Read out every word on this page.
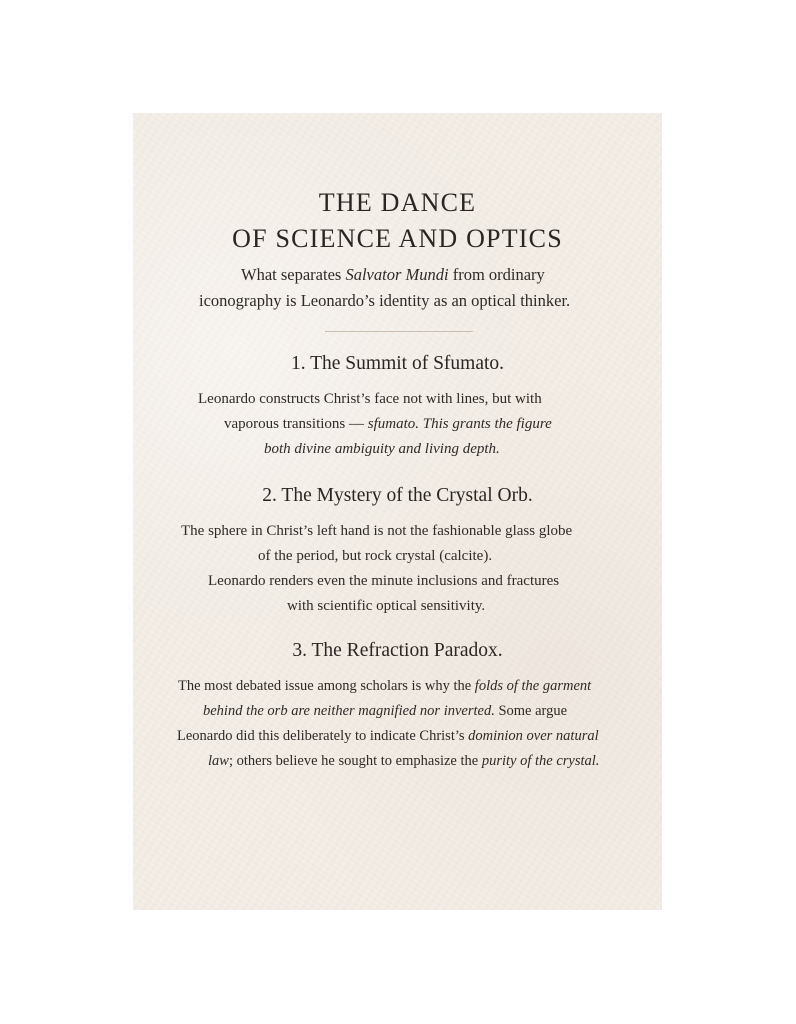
THE DANCE
OF SCIENCE AND OPTICS
What separates Salvator Mundi from ordinary
iconography is Leonardo’s identity as an optical thinker.
1. The Summit of Sfumato.
Leonardo constructs Christ’s face not with lines, but with
vaporous transitions — sfumato. This grants the figure
both divine ambiguity and living depth.
2. The Mystery of the Crystal Orb.
The sphere in Christ’s left hand is not the fashionable glass globe
of the period, but rock crystal (calcite).
Leonardo renders even the minute inclusions and fractures
with scientific optical sensitivity.
3. The Refraction Paradox.
The most debated issue among scholars is why the folds of the garment
behind the orb are neither magnified nor inverted. Some argue
Leonardo did this deliberately to indicate Christ’s dominion over natural
law; others believe he sought to emphasize the purity of the crystal.
